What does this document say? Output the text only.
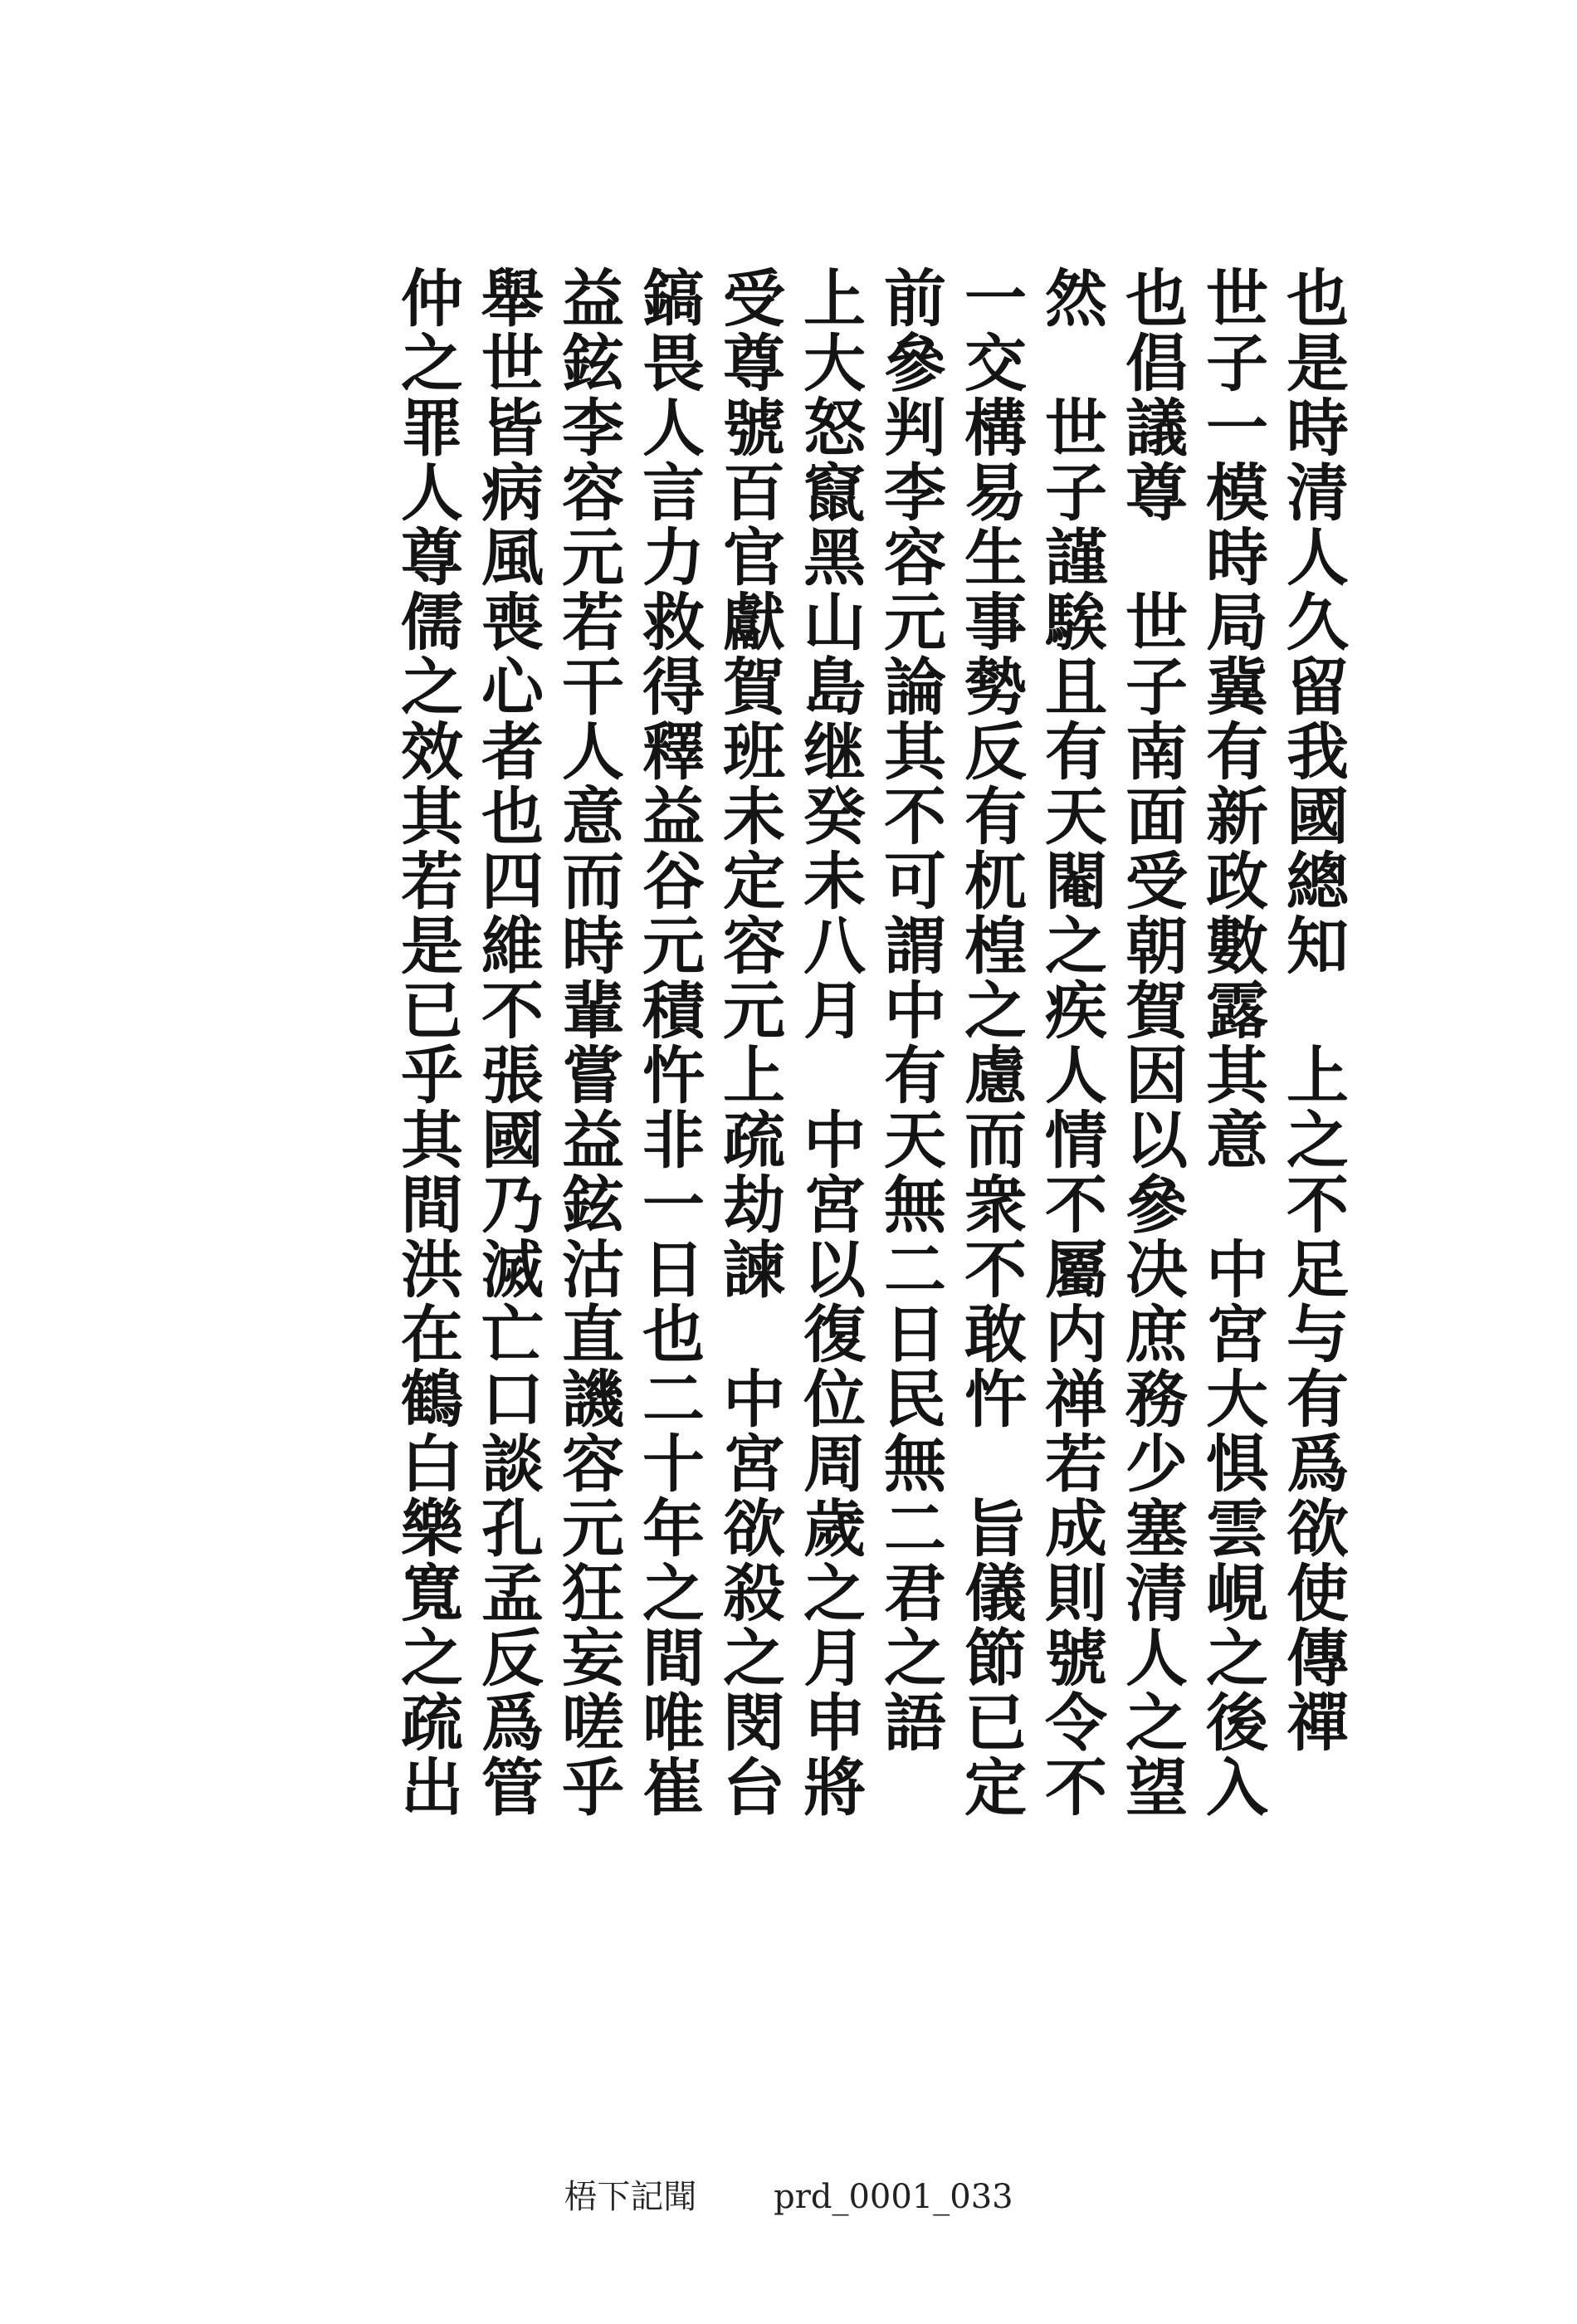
也是時清人久留我國總知　上之不足与有爲欲使傳禪
世子一模時局冀有新政數露其意　中宮大惧雲峴之後入
也倡議尊　世子南面受朝賀因以參决庶務少塞清人之望
然　世子謹騃且有天閹之疾人情不屬内禅若成則號令不
一交構易生事勢反有杌楻之慮而衆不敢忤　旨儀節已定
前參判李容元論其不可謂中有天無二日民無二君之語
上大怒竄黑山島继癸未八月　中宮以復位周歲之月申將
受尊號百官獻賀班未定容元上疏劫諫　中宮欲殺之閔台
鎬畏人言力救得釋益谷元積忤非一日也二十年之間唯崔
益鉉李容元若干人意而時輩嘗益鉉沽直譏容元狂妄嗟乎
舉世皆病風喪心者也四維不張國乃滅亡口談孔孟反爲管
仲之罪人尊儒之效其若是已乎其間洪在鶴白樂寬之疏出
梧下記聞 prd_0001_033
